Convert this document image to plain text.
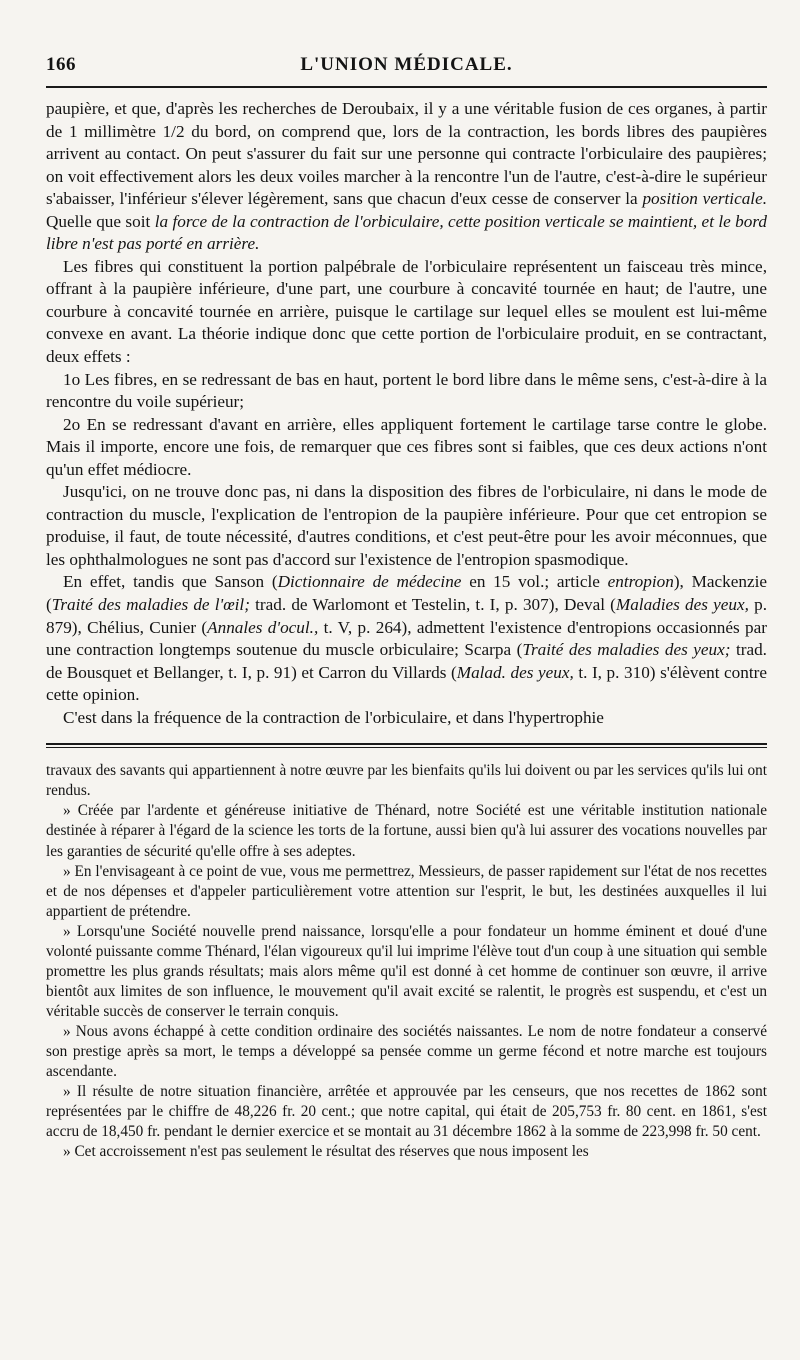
166	L'UNION MÉDICALE.

paupière, et que, d'après les recherches de Deroubaix, il y a une véritable fusion de ces organes, à partir de 1 millimètre 1/2 du bord, on comprend que, lors de la contraction, les bords libres des paupières arrivent au contact. On peut s'assurer du fait sur une personne qui contracte l'orbiculaire des paupières; on voit effectivement alors les deux voiles marcher à la rencontre l'un de l'autre, c'est-à-dire le supérieur s'abaisser, l'inférieur s'élever légèrement, sans que chacun d'eux cesse de conserver la position verticale. Quelle que soit la force de la contraction de l'orbiculaire, cette position verticale se maintient, et le bord libre n'est pas porté en arrière.

Les fibres qui constituent la portion palpébrale de l'orbiculaire représentent un faisceau très mince, offrant à la paupière inférieure, d'une part, une courbure à concavité tournée en haut; de l'autre, une courbure à concavité tournée en arrière, puisque le cartilage sur lequel elles se moulent est lui-même convexe en avant. La théorie indique donc que cette portion de l'orbiculaire produit, en se contractant, deux effets :

1o Les fibres, en se redressant de bas en haut, portent le bord libre dans le même sens, c'est-à-dire à la rencontre du voile supérieur;

2o En se redressant d'avant en arrière, elles appliquent fortement le cartilage tarse contre le globe. Mais il importe, encore une fois, de remarquer que ces fibres sont si faibles, que ces deux actions n'ont qu'un effet médiocre.

Jusqu'ici, on ne trouve donc pas, ni dans la disposition des fibres de l'orbiculaire, ni dans le mode de contraction du muscle, l'explication de l'entropion de la paupière inférieure. Pour que cet entropion se produise, il faut, de toute nécessité, d'autres conditions, et c'est peut-être pour les avoir méconnues, que les ophthalmologues ne sont pas d'accord sur l'existence de l'entropion spasmodique.

En effet, tandis que Sanson (Dictionnaire de médecine en 15 vol.; article entropion), Mackenzie (Traité des maladies de l'œil; trad. de Warlomont et Testelin, t. I, p. 307), Deval (Maladies des yeux, p. 879), Chélius, Cunier (Annales d'ocul., t. V, p. 264), admettent l'existence d'entropions occasionnés par une contraction longtemps soutenue du muscle orbiculaire; Scarpa (Traité des maladies des yeux; trad. de Bousquet et Bellanger, t. I, p. 91) et Carron du Villards (Malad. des yeux, t. I, p. 310) s'élèvent contre cette opinion.

C'est dans la fréquence de la contraction de l'orbiculaire, et dans l'hypertrophie

travaux des savants qui appartiennent à notre œuvre par les bienfaits qu'ils lui doivent ou par les services qu'ils lui ont rendus.

» Créée par l'ardente et généreuse initiative de Thénard, notre Société est une véritable institution nationale destinée à réparer à l'égard de la science les torts de la fortune, aussi bien qu'à lui assurer des vocations nouvelles par les garanties de sécurité qu'elle offre à ses adeptes.

» En l'envisageant à ce point de vue, vous me permettrez, Messieurs, de passer rapidement sur l'état de nos recettes et de nos dépenses et d'appeler particulièrement votre attention sur l'esprit, le but, les destinées auxquelles il lui appartient de prétendre.

» Lorsqu'une Société nouvelle prend naissance, lorsqu'elle a pour fondateur un homme éminent et doué d'une volonté puissante comme Thénard, l'élan vigoureux qu'il lui imprime l'élève tout d'un coup à une situation qui semble promettre les plus grands résultats; mais alors même qu'il est donné à cet homme de continuer son œuvre, il arrive bientôt aux limites de son influence, le mouvement qu'il avait excité se ralentit, le progrès est suspendu, et c'est un véritable succès de conserver le terrain conquis.

» Nous avons échappé à cette condition ordinaire des sociétés naissantes. Le nom de notre fondateur a conservé son prestige après sa mort, le temps a développé sa pensée comme un germe fécond et notre marche est toujours ascendante.

» Il résulte de notre situation financière, arrêtée et approuvée par les censeurs, que nos recettes de 1862 sont représentées par le chiffre de 48,226 fr. 20 cent.; que notre capital, qui était de 205,753 fr. 80 cent. en 1861, s'est accru de 18,450 fr. pendant le dernier exercice et se montait au 31 décembre 1862 à la somme de 223,998 fr. 50 cent.

» Cet accroissement n'est pas seulement le résultat des réserves que nous imposent les
